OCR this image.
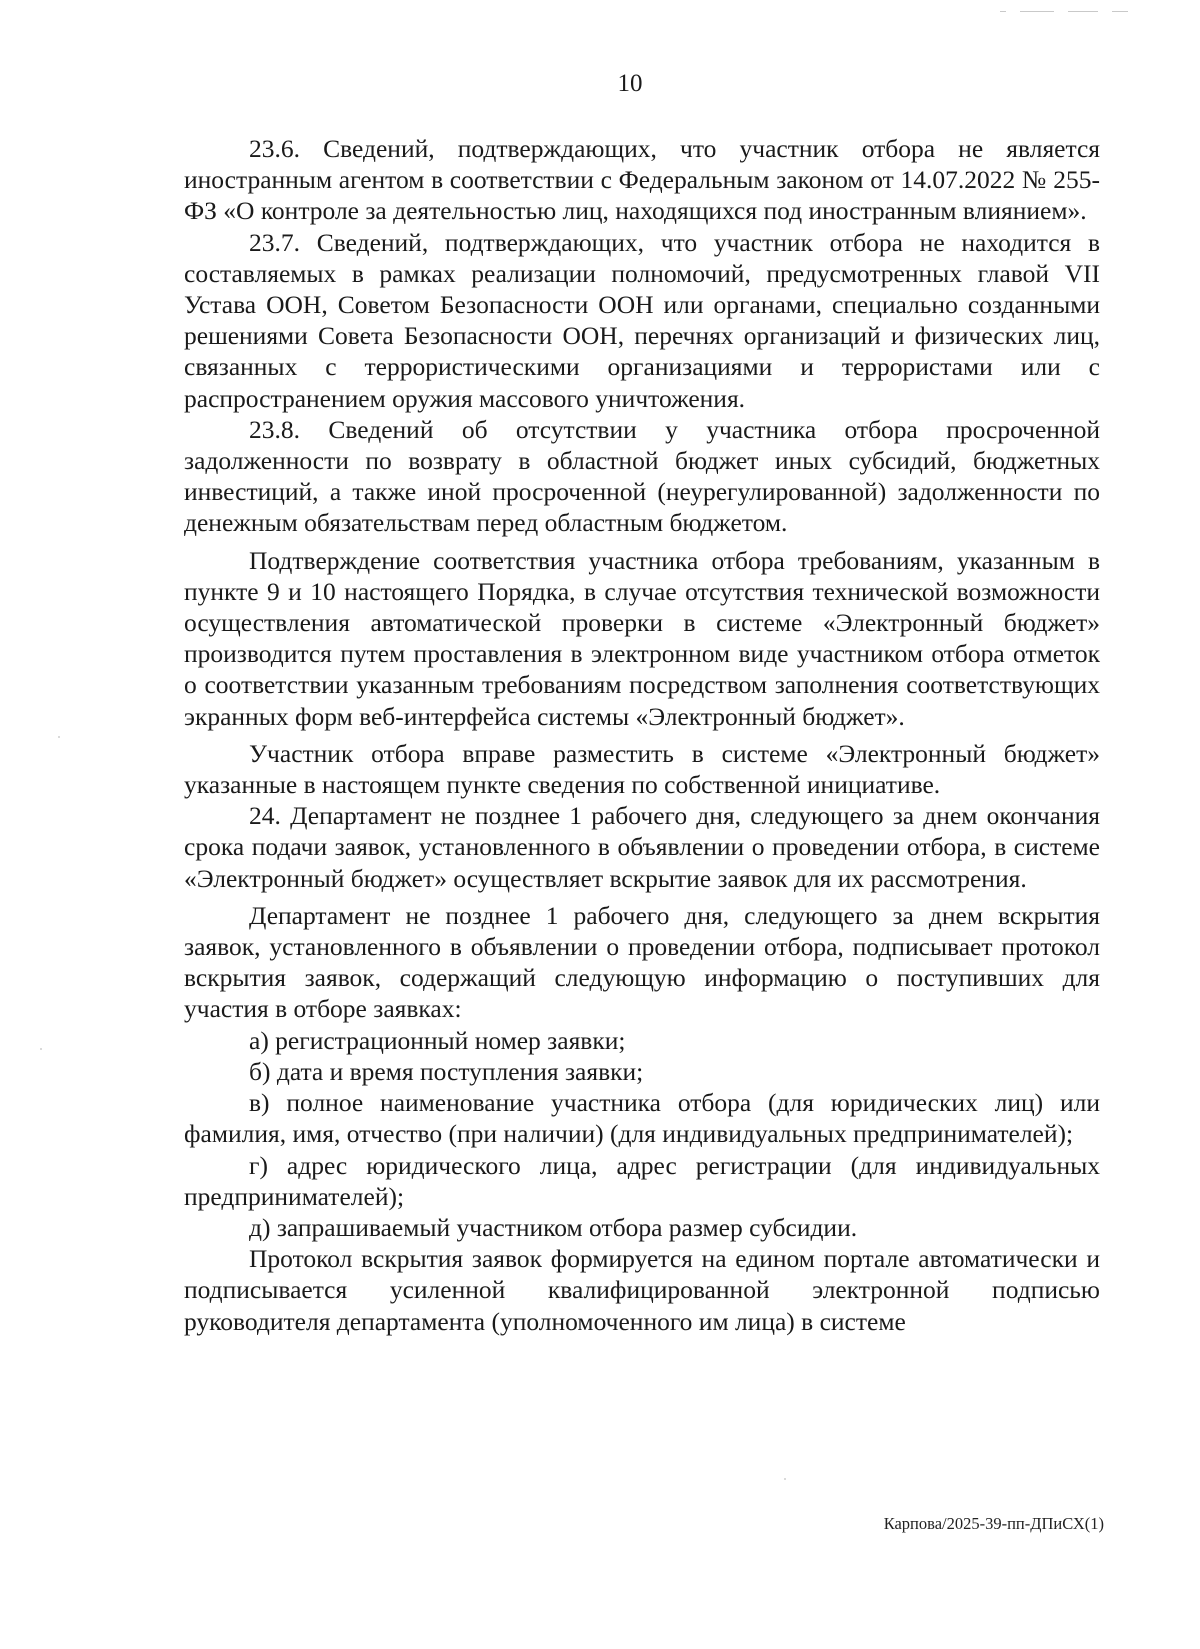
10

23.6. Сведений, подтверждающих, что участник отбора не является иностранным агентом в соответствии с Федеральным законом от 14.07.2022 № 255-ФЗ «О контроле за деятельностью лиц, находящихся под иностранным влиянием».

23.7. Сведений, подтверждающих, что участник отбора не находится в составляемых в рамках реализации полномочий, предусмотренных главой VII Устава ООН, Советом Безопасности ООН или органами, специально созданными решениями Совета Безопасности ООН, перечнях организаций и физических лиц, связанных с террористическими организациями и террористами или с распространением оружия массового уничтожения.

23.8. Сведений об отсутствии у участника отбора просроченной задолженности по возврату в областной бюджет иных субсидий, бюджетных инвестиций, а также иной просроченной (неурегулированной) задолженности по денежным обязательствам перед областным бюджетом.

Подтверждение соответствия участника отбора требованиям, указанным в пункте 9 и 10 настоящего Порядка, в случае отсутствия технической возможности осуществления автоматической проверки в системе «Электронный бюджет» производится путем проставления в электронном виде участником отбора отметок о соответствии указанным требованиям посредством заполнения соответствующих экранных форм веб-интерфейса системы «Электронный бюджет».

Участник отбора вправе разместить в системе «Электронный бюджет» указанные в настоящем пункте сведения по собственной инициативе.

24. Департамент не позднее 1 рабочего дня, следующего за днем окончания срока подачи заявок, установленного в объявлении о проведении отбора, в системе «Электронный бюджет» осуществляет вскрытие заявок для их рассмотрения.

Департамент не позднее 1 рабочего дня, следующего за днем вскрытия заявок, установленного в объявлении о проведении отбора, подписывает протокол вскрытия заявок, содержащий следующую информацию о поступивших для участия в отборе заявках:

а) регистрационный номер заявки;

б) дата и время поступления заявки;

в) полное наименование участника отбора (для юридических лиц) или фамилия, имя, отчество (при наличии) (для индивидуальных предпринимателей);

г) адрес юридического лица, адрес регистрации (для индивидуальных предпринимателей);

д) запрашиваемый участником отбора размер субсидии.

Протокол вскрытия заявок формируется на едином портале автоматически и подписывается усиленной квалифицированной электронной подписью руководителя департамента (уполномоченного им лица) в системе

Карпова/2025-39-пп-ДПиСХ(1)
